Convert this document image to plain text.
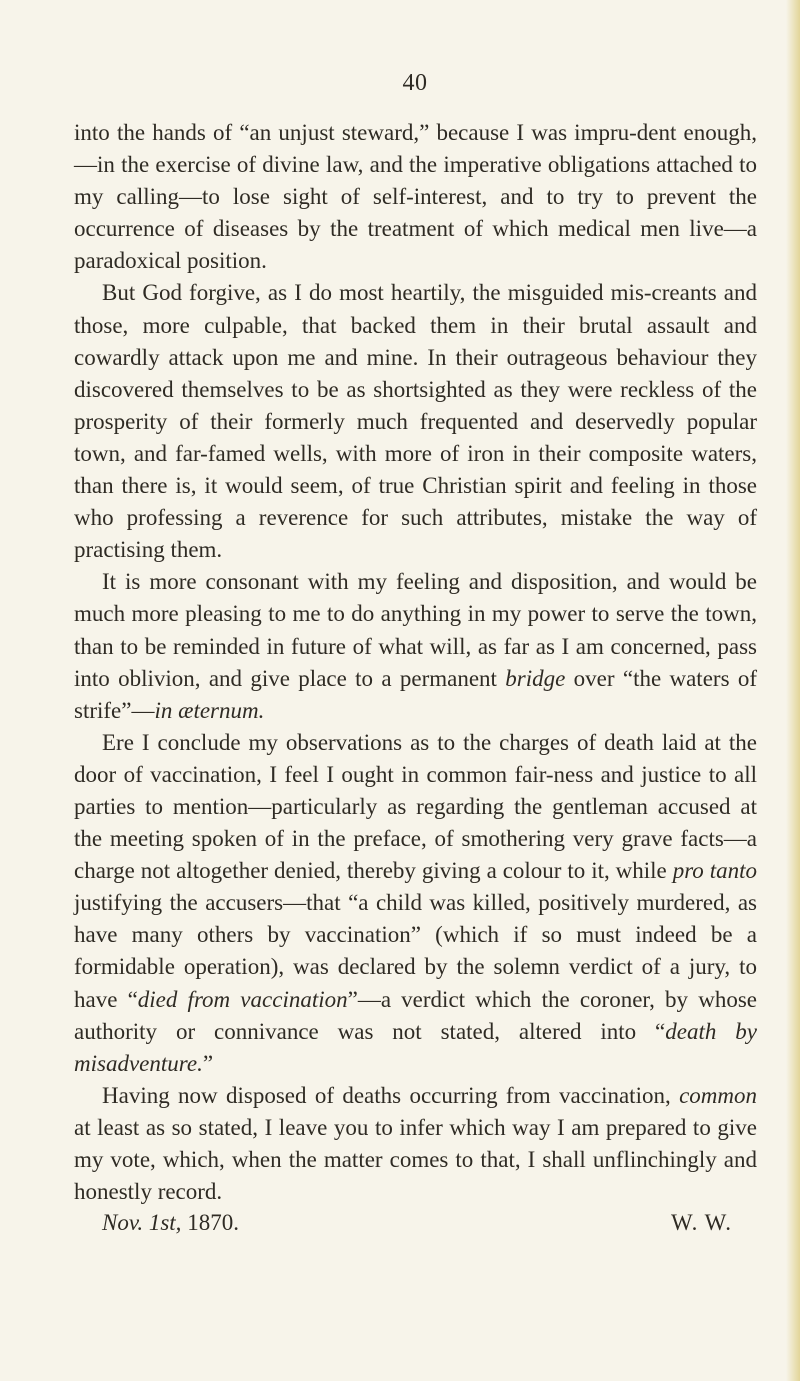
40

into the hands of “an unjust steward,” because I was impru-dent enough,—in the exercise of divine law, and the imperative obligations attached to my calling—to lose sight of self-interest, and to try to prevent the occurrence of diseases by the treatment of which medical men live—a paradoxical position.

But God forgive, as I do most heartily, the misguided mis-creants and those, more culpable, that backed them in their brutal assault and cowardly attack upon me and mine. In their outrageous behaviour they discovered themselves to be as shortsighted as they were reckless of the prosperity of their formerly much frequented and deservedly popular town, and far-famed wells, with more of iron in their composite waters, than there is, it would seem, of true Christian spirit and feeling in those who professing a reverence for such attributes, mistake the way of practising them.

It is more consonant with my feeling and disposition, and would be much more pleasing to me to do anything in my power to serve the town, than to be reminded in future of what will, as far as I am concerned, pass into oblivion, and give place to a permanent bridge over “the waters of strife”—in æternum.

Ere I conclude my observations as to the charges of death laid at the door of vaccination, I feel I ought in common fair-ness and justice to all parties to mention—particularly as regarding the gentleman accused at the meeting spoken of in the preface, of smothering very grave facts—a charge not altogether denied, thereby giving a colour to it, while pro tanto justifying the accusers—that “a child was killed, positively murdered, as have many others by vaccination” (which if so must indeed be a formidable operation), was declared by the solemn verdict of a jury, to have “died from vaccination”—a verdict which the coroner, by whose authority or connivance was not stated, altered into “death by misadventure.”

Having now disposed of deaths occurring from vaccination, common at least as so stated, I leave you to infer which way I am prepared to give my vote, which, when the matter comes to that, I shall unflinchingly and honestly record.

Nov. 1st, 1870.	W. W.
